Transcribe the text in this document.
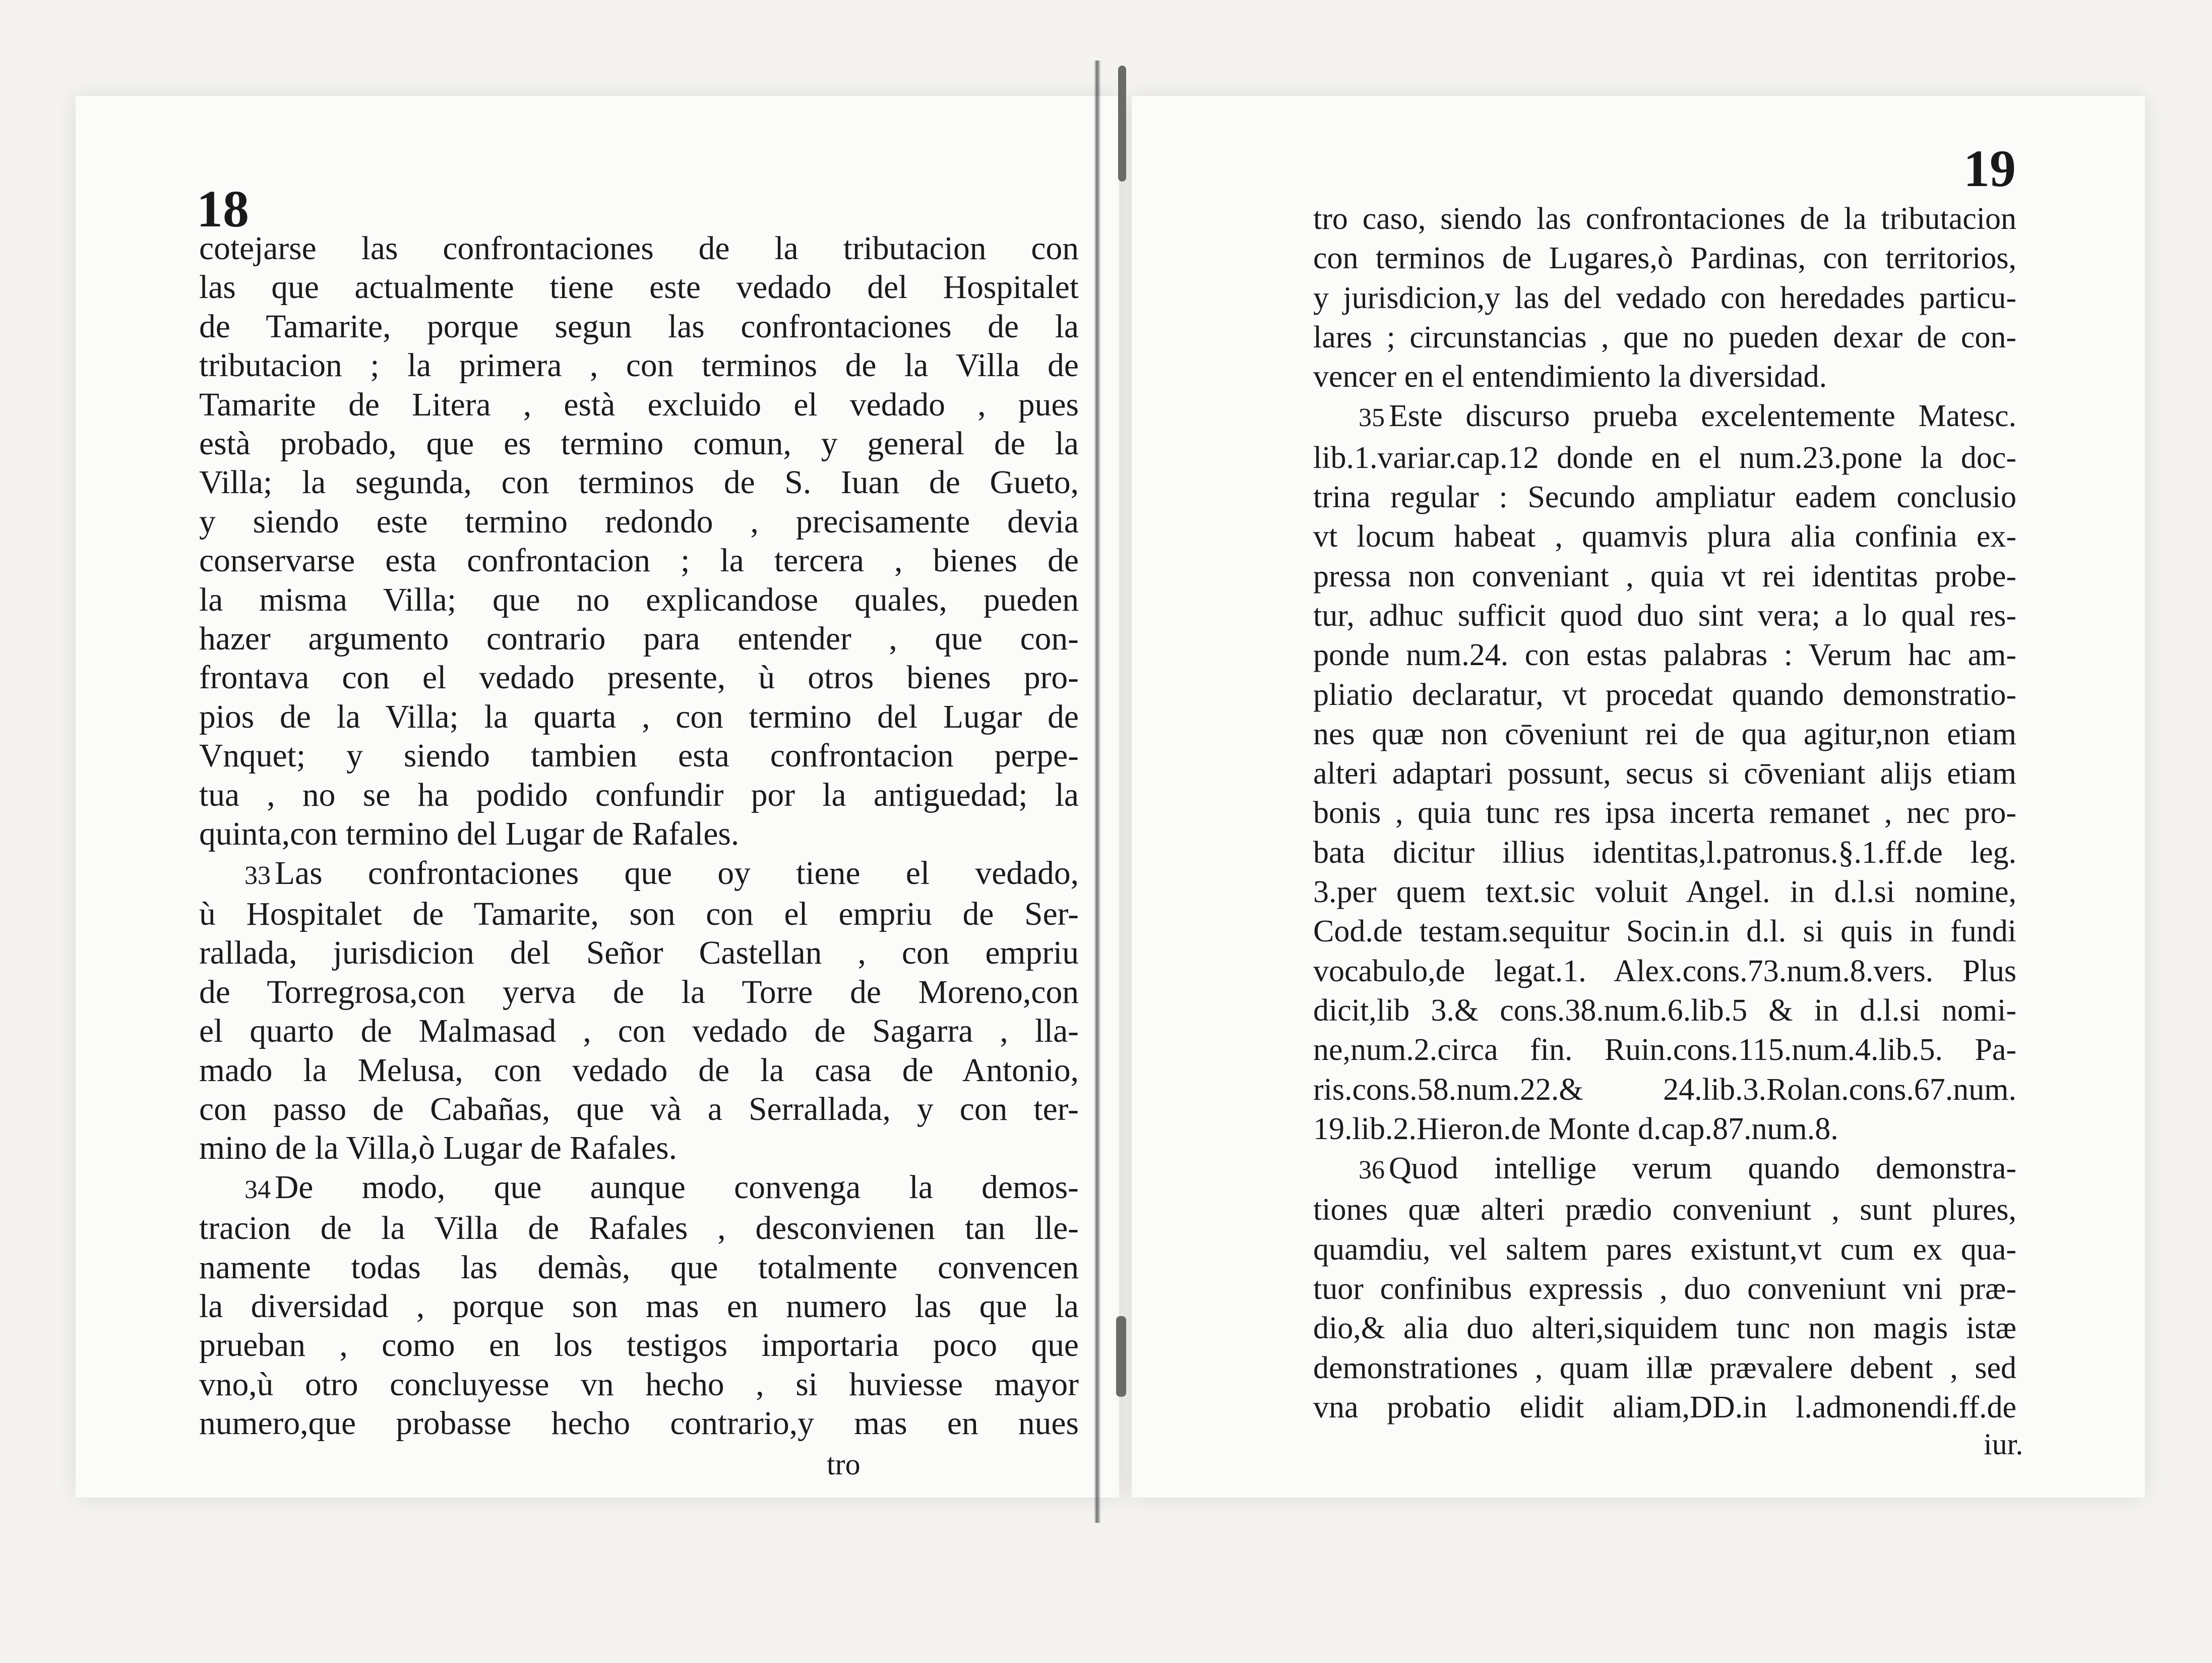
18
19
cotejarse las confrontaciones de la tributacion con
las que actualmente tiene este vedado del Hospitalet
de Tamarite, porque segun las confrontaciones de la
tributacion ; la primera , con terminos de la Villa de
Tamarite de Litera , està excluido el vedado , pues
està probado, que es termino comun, y general de la
Villa; la segunda, con terminos de S. Iuan de Gueto,
y siendo este termino redondo , precisamente devia
conservarse esta confrontacion ; la tercera , bienes de
la misma Villa; que no explicandose quales, pueden
hazer argumento contrario para entender , que con-
frontava con el vedado presente, ù otros bienes pro-
pios de la Villa; la quarta , con termino del Lugar de
Vnquet; y siendo tambien esta confrontacion perpe-
tua , no se ha podido confundir por la antiguedad; la
quinta,con termino del Lugar de Rafales.
33 Las confrontaciones que oy tiene el vedado,
ù Hospitalet de Tamarite, son con el empriu de Ser-
rallada, jurisdicion del Señor Castellan , con empriu
de Torregrosa,con yerva de la Torre de Moreno,con
el quarto de Malmasad , con vedado de Sagarra , lla-
mado la Melusa, con vedado de la casa de Antonio,
con passo de Cabañas, que và a Serrallada, y con ter-
mino de la Villa,ò Lugar de Rafales.
34 De modo, que aunque convenga la demos-
tracion de la Villa de Rafales , desconvienen tan lle-
namente todas las demàs, que totalmente convencen
la diversidad , porque son mas en numero las que la
prueban , como en los testigos importaria poco que
vno,ù otro concluyesse vn hecho , si huviesse mayor
numero,que probasse hecho contrario,y mas en nues
tro caso, siendo las confrontaciones de la tributacion
con terminos de Lugares,ò Pardinas, con territorios,
y jurisdicion,y las del vedado con heredades particu-
lares ; circunstancias , que no pueden dexar de con-
vencer en el entendimiento la diversidad.
35 Este discurso prueba excelentemente Matesc.
lib.1.variar.cap.12 donde en el num.23.pone la doc-
trina regular : Secundo ampliatur eadem conclusio
vt locum habeat , quamvis plura alia confinia ex-
pressa non conveniant , quia vt rei identitas probe-
tur, adhuc sufficit quod duo sint vera; a lo qual res-
ponde num.24. con estas palabras : Verum hac am-
pliatio declaratur, vt procedat quando demonstratio-
nes quæ non cōveniunt rei de qua agitur,non etiam
alteri adaptari possunt, secus si cōveniant alijs etiam
bonis , quia tunc res ipsa incerta remanet , nec pro-
bata dicitur illius identitas,l.patronus.§.1.ff.de leg.
3.per quem text.sic voluit Angel. in d.l.si nomine,
Cod.de testam.sequitur Socin.in d.l. si quis in fundi
vocabulo,de legat.1. Alex.cons.73.num.8.vers. Plus
dicit,lib 3.& cons.38.num.6.lib.5 & in d.l.si nomi-
ne,num.2.circa fin. Ruin.cons.115.num.4.lib.5. Pa-
ris.cons.58.num.22.& 24.lib.3.Rolan.cons.67.num.
19.lib.2.Hieron.de Monte d.cap.87.num.8.
36 Quod intellige verum quando demonstra-
tiones quæ alteri prædio conveniunt , sunt plures,
quamdiu, vel saltem pares existunt,vt cum ex qua-
tuor confinibus expressis , duo conveniunt vni præ-
dio,& alia duo alteri,siquidem tunc non magis istæ
demonstrationes , quam illæ prævalere debent , sed
vna probatio elidit aliam,DD.in l.admonendi.ff.de
tro
iur.
